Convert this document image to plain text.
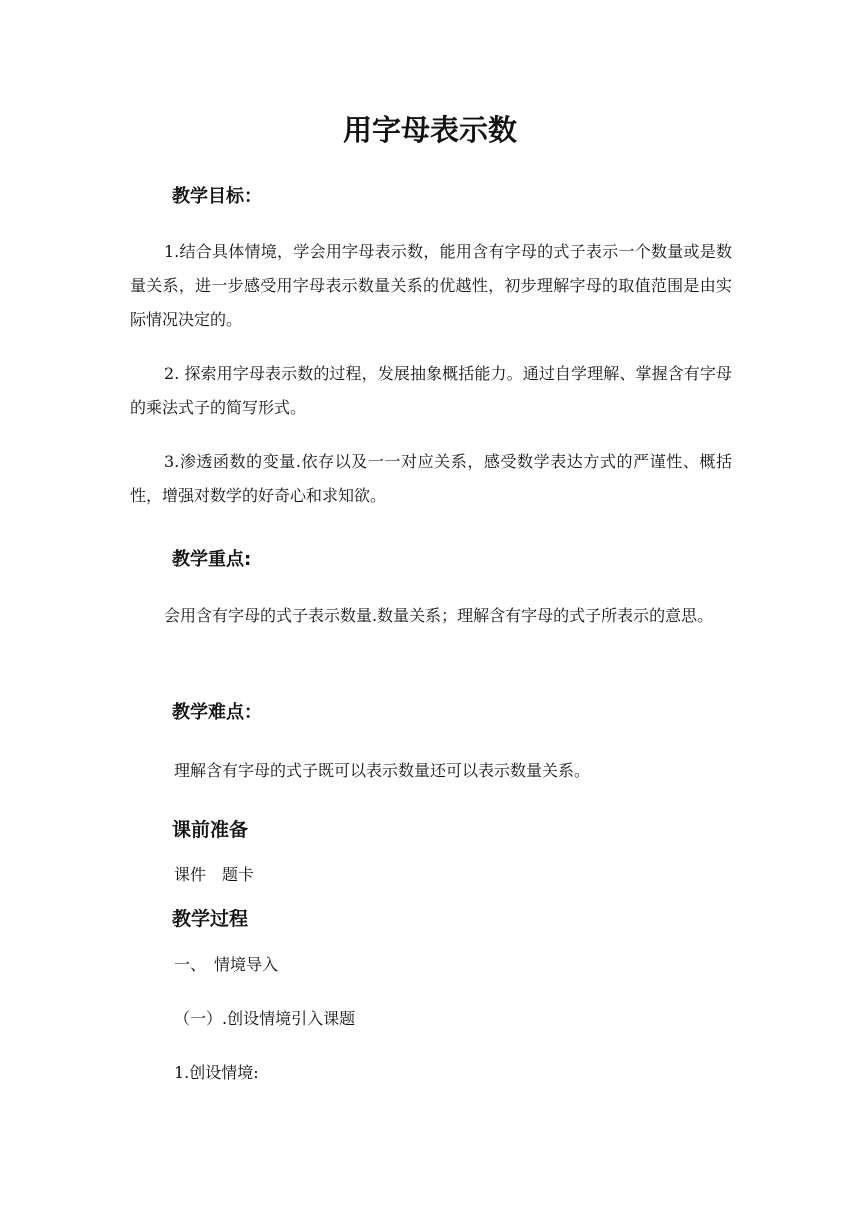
用字母表示数
教学目标：
1.结合具体情境，学会用字母表示数，能用含有字母的式子表示一个数量或是数量关系，进一步感受用字母表示数量关系的优越性，初步理解字母的取值范围是由实际情况决定的。
2. 探索用字母表示数的过程，发展抽象概括能力。通过自学理解、掌握含有字母的乘法式子的简写形式。
3.渗透函数的变量.依存以及一一对应关系，感受数学表达方式的严谨性、概括性，增强对数学的好奇心和求知欲。
教学重点:
会用含有字母的式子表示数量.数量关系；理解含有字母的式子所表示的意思。
教学难点：
理解含有字母的式子既可以表示数量还可以表示数量关系。
课前准备
课件　题卡
教学过程
一、　情境导入
（一）.创设情境引入课题
1.创设情境:
